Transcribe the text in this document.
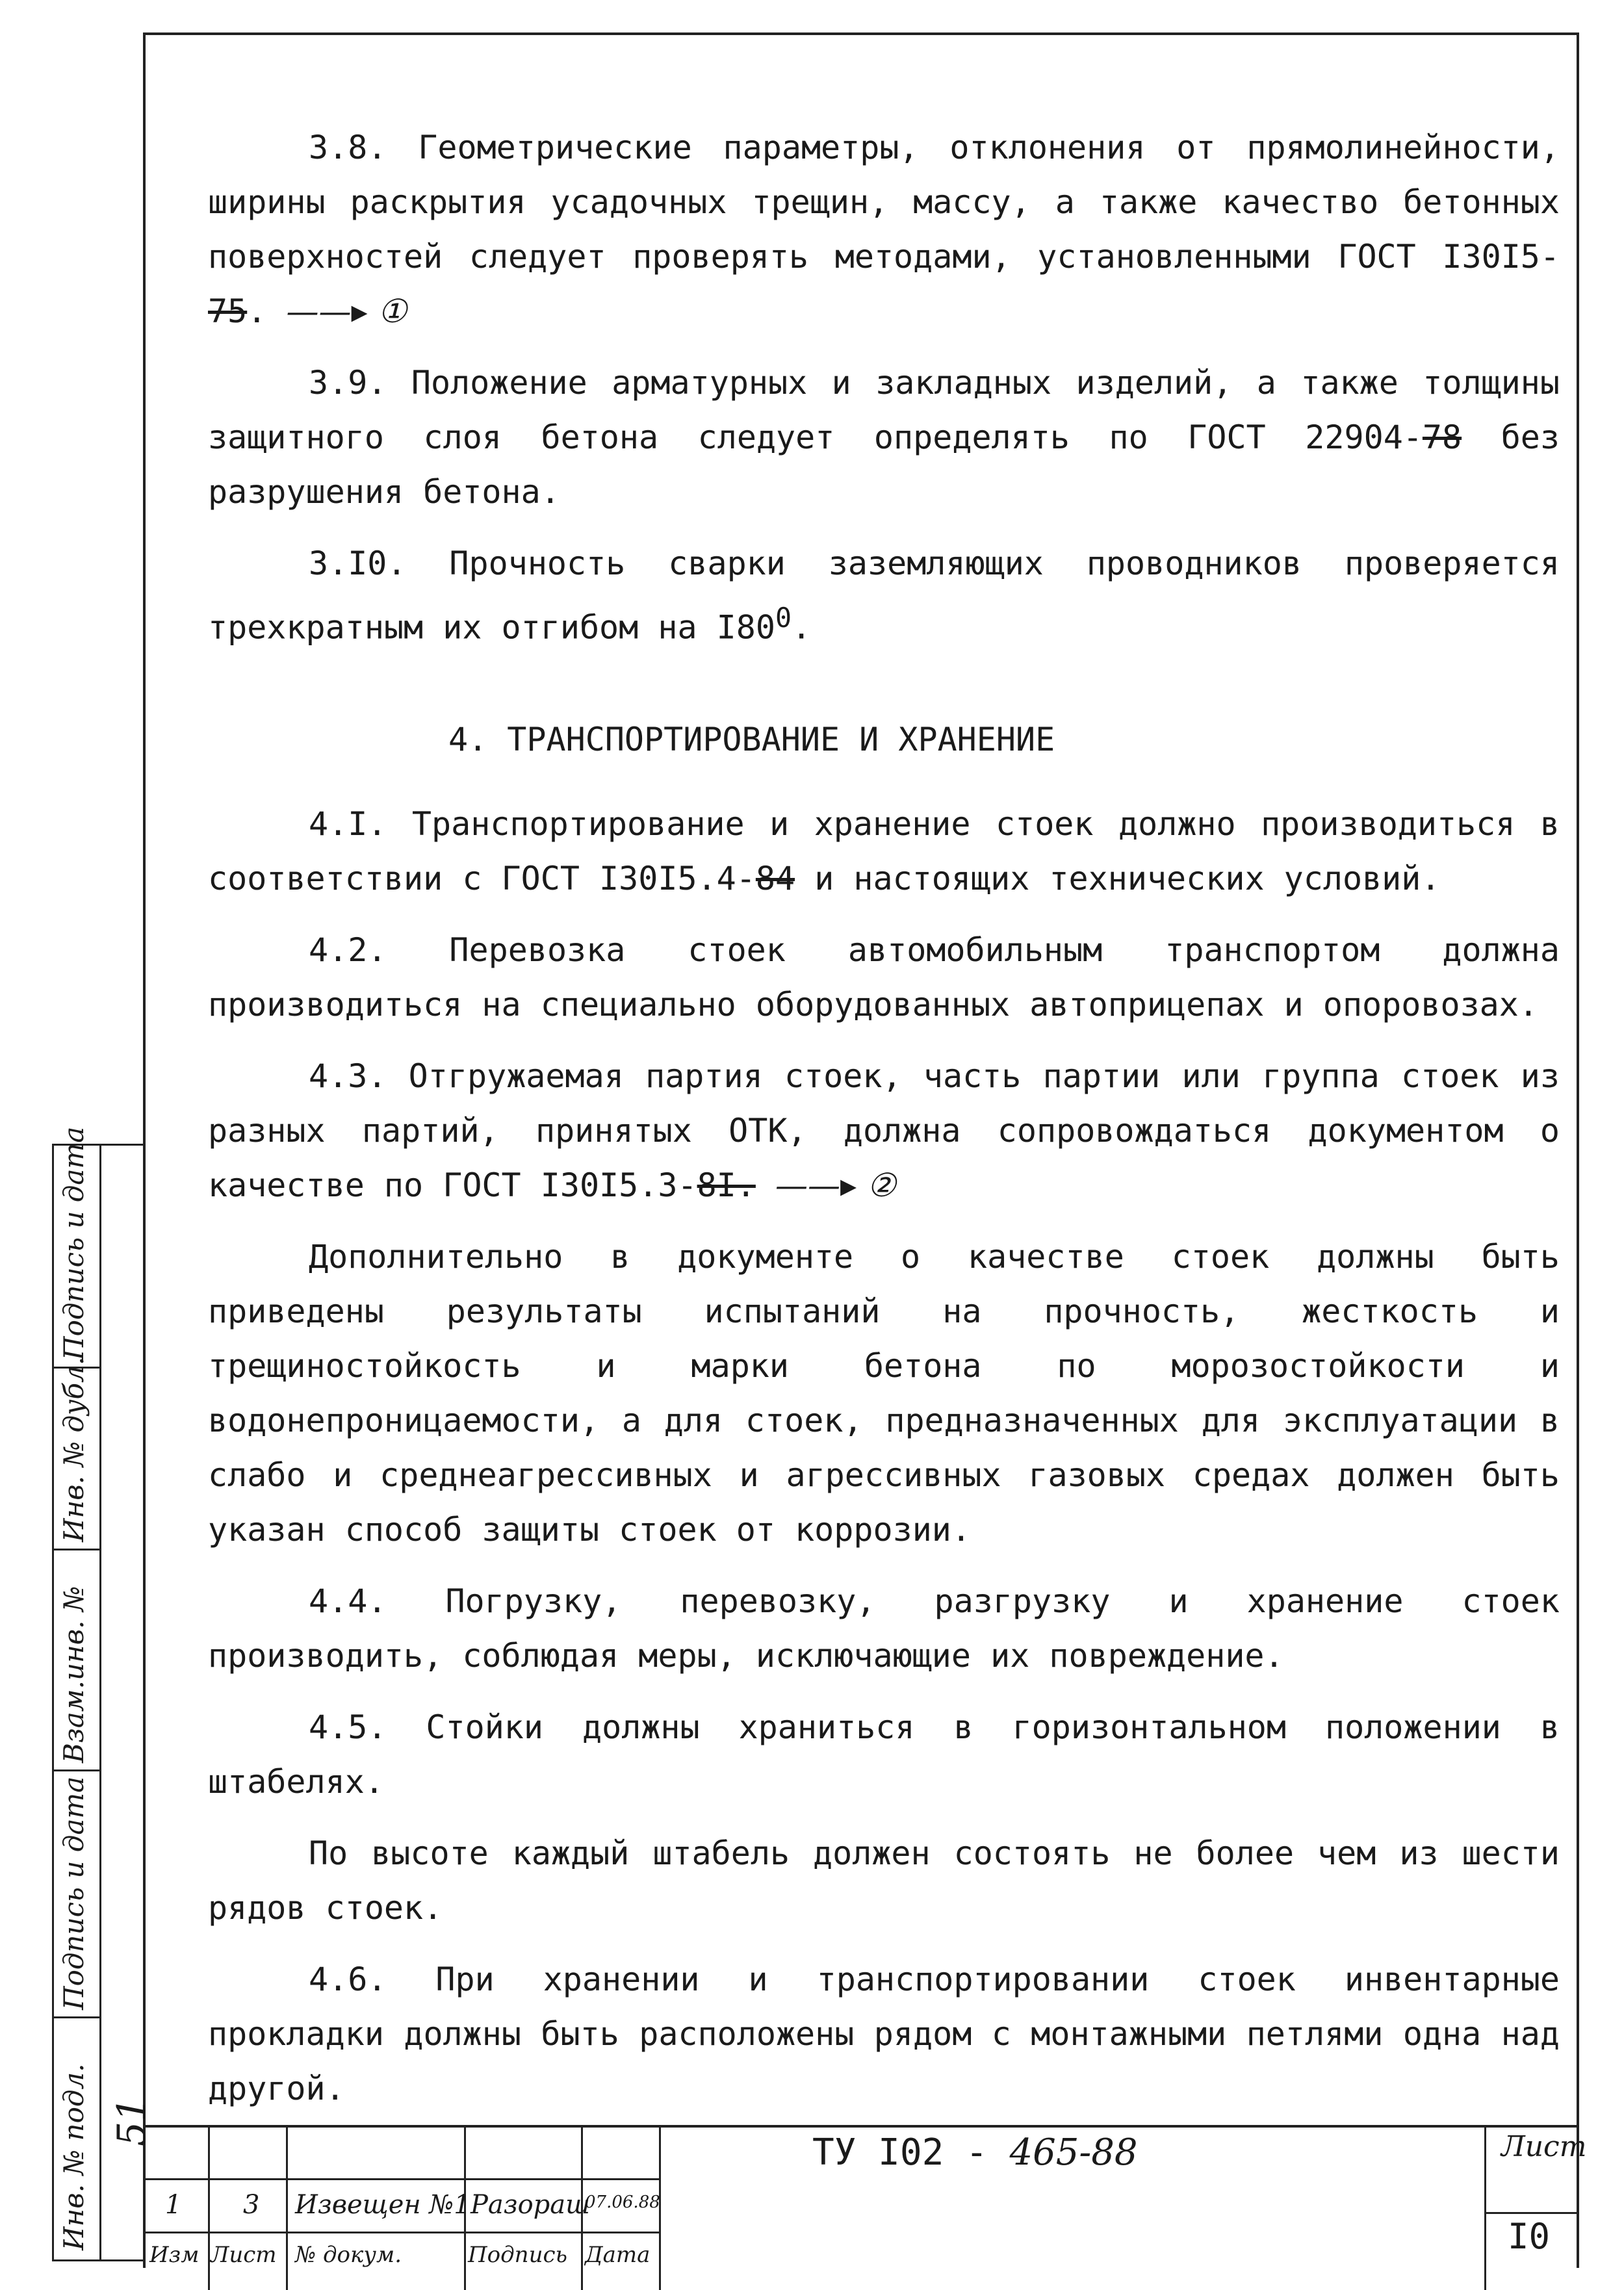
3.8. Геометрические параметры, отклонения от прямолинейности, ширины раскрытия усадочных трещин, массу, а также качество бетонных поверхностей следует проверять методами, установленными ГОСТ I30I5-75. ——▸ ①

3.9. Положение арматурных и закладных изделий, а также толщины защитного слоя бетона следует определять по ГОСТ 22904-78 без разрушения бетона.

3.I0. Прочность сварки заземляющих проводников проверяется трехкратным их отгибом на $I80^0$.

4. ТРАНСПОРТИРОВАНИЕ И ХРАНЕНИЕ

4.I. Транспортирование и хранение стоек должно производиться в соответствии с ГОСТ I30I5.4-84 и настоящих технических условий.

4.2. Перевозка стоек автомобильным транспортом должна производиться на специально оборудованных автоприцепах и опоровозах.

4.3. Отгружаемая партия стоек, часть партии или группа стоек из разных партий, принятых ОТК, должна сопровождаться документом о качестве по ГОСТ I30I5.3-8I. ——▸ ②

Дополнительно в документе о качестве стоек должны быть приведены результаты испытаний на прочность, жесткость и трещиностойкость и марки бетона по морозостойкости и водонепроницаемости, а для стоек, предназначенных для эксплуатации в слабо и среднеагрессивных и агрессивных газовых средах должен быть указан способ защиты стоек от коррозии.

4.4. Погрузку, перевозку, разгрузку и хранение стоек производить, соблюдая меры, исключающие их повреждение.

4.5. Стойки должны храниться в горизонтальном положении в штабелях.

По высоте каждый штабель должен состоять не более чем из шести рядов стоек.

4.6. При хранении и транспортировании стоек инвентарные прокладки должны быть расположены рядом с монтажными петлями одна над другой.

Подпись и дата
Инв. № дубл.
Взам.инв. №
Подпись и дата
Инв. № подл. 51
1 3 Извещен №1 Разораш
07.06.88
Изм Лист № докум.	Подпись Дата
ТУ I02 - 465-88	Лист
I0
